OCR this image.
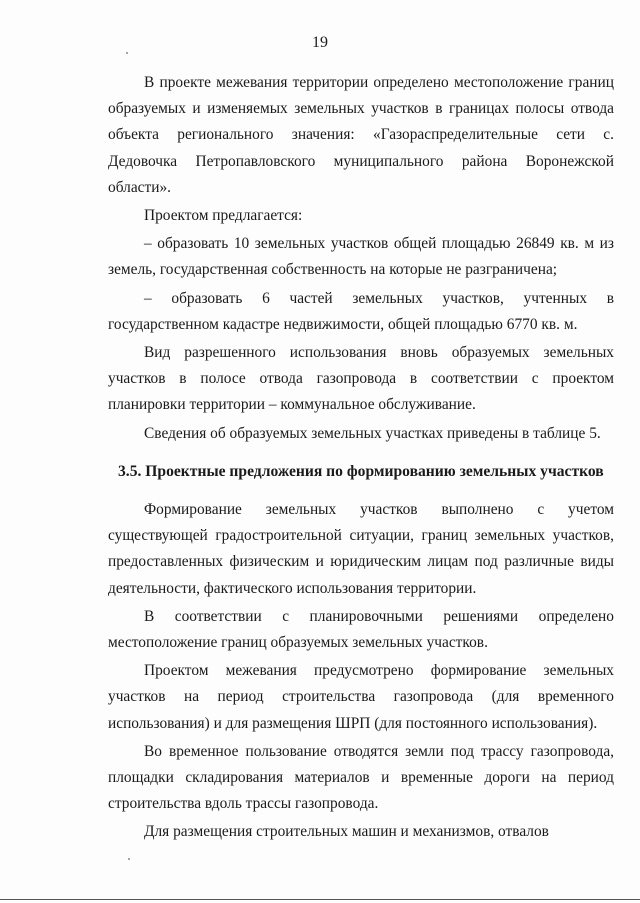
19

В проекте межевания территории определено местоположение границ образуемых и изменяемых земельных участков в границах полосы отвода объекта регионального значения: «Газораспределительные сети с. Дедовочка Петропавловского муниципального района Воронежской области».

Проектом предлагается:

– образовать 10 земельных участков общей площадью 26849 кв. м из земель, государственная собственность на которые не разграничена;

– образовать 6 частей земельных участков, учтенных в государственном кадастре недвижимости, общей площадью 6770 кв. м.

Вид разрешенного использования вновь образуемых земельных участков в полосе отвода газопровода в соответствии с проектом планировки территории – коммунальное обслуживание.

Сведения об образуемых земельных участках приведены в таблице 5.

3.5. Проектные предложения по формированию земельных участков

Формирование земельных участков выполнено с учетом существующей градостроительной ситуации, границ земельных участков, предоставленных физическим и юридическим лицам под различные виды деятельности, фактического использования территории.

В соответствии с планировочными решениями определено местоположение границ образуемых земельных участков.

Проектом межевания предусмотрено формирование земельных участков на период строительства газопровода (для временного использования) и для размещения ШРП (для постоянного использования).

Во временное пользование отводятся земли под трассу газопровода, площадки складирования материалов и временные дороги на период строительства вдоль трассы газопровода.

Для размещения строительных машин и механизмов, отвалов
